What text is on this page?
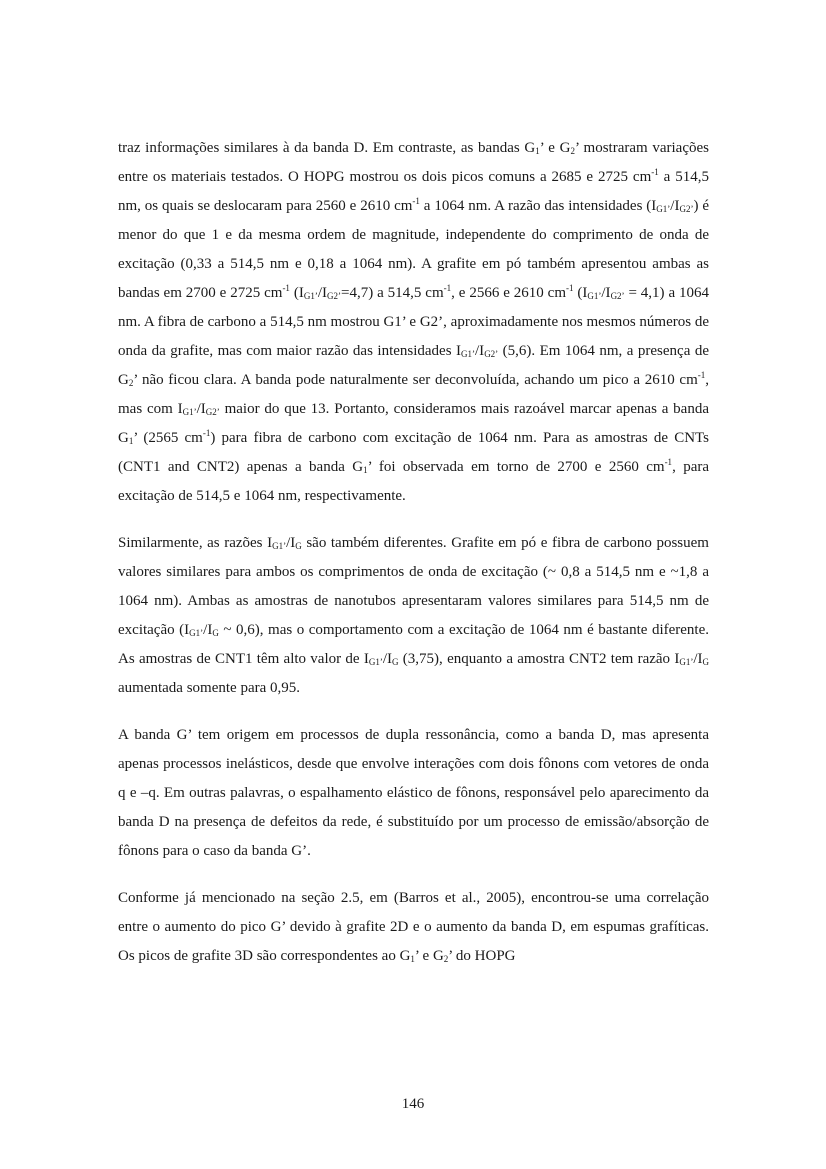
traz informações similares à da banda D. Em contraste, as bandas $G_1$’ e $G_2$’ mostraram variações entre os materiais testados. O HOPG mostrou os dois picos comuns a 2685 e 2725 $cm^{-1}$ a 514,5 nm, os quais se deslocaram para 2560 e 2610 $cm^{-1}$ a 1064 nm. A razão das intensidades $(I_{G1’}/I_{G2’})$ é menor do que 1 e da mesma ordem de magnitude, independente do comprimento de onda de excitação (0,33 a 514,5 nm e 0,18 a 1064 nm). A grafite em pó também apresentou ambas as bandas em 2700 e 2725 $cm^{-1}$ $(I_{G1’}/I_{G2’}=4,7)$ a 514,5 $cm^{-1}$, e 2566 e 2610 $cm^{-1}$ $(I_{G1’}/I_{G2’} = 4,1)$ a 1064 nm. A fibra de carbono a 514,5 nm mostrou G1’ e G2’, aproximadamente nos mesmos números de onda da grafite, mas com maior razão das intensidades $I_{G1’}/I_{G2’}$ (5,6). Em 1064 nm, a presença de $G_2$’ não ficou clara. A banda pode naturalmente ser deconvoluída, achando um pico a 2610 $cm^{-1}$, mas com $I_{G1’}/I_{G2’}$ maior do que 13. Portanto, consideramos mais razoável marcar apenas a banda $G_1$’ (2565 $cm^{-1}$) para fibra de carbono com excitação de 1064 nm. Para as amostras de CNTs (CNT1 and CNT2) apenas a banda $G_1$’ foi observada em torno de 2700 e 2560 $cm^{-1}$, para excitação de 514,5 e 1064 nm, respectivamente.

Similarmente, as razões $I_{G1’}/I_G$ são também diferentes. Grafite em pó e fibra de carbono possuem valores similares para ambos os comprimentos de onda de excitação (~ 0,8 a 514,5 nm e ~1,8 a 1064 nm). Ambas as amostras de nanotubos apresentaram valores similares para 514,5 nm de excitação ($I_{G1’}/I_G$ ~ 0,6), mas o comportamento com a excitação de 1064 nm é bastante diferente. As amostras de CNT1 têm alto valor de $I_{G1’}/I_G$ (3,75), enquanto a amostra CNT2 tem razão $I_{G1’}/I_G$ aumentada somente para 0,95.

A banda G’ tem origem em processos de dupla ressonância, como a banda D, mas apresenta apenas processos inelásticos, desde que envolve interações com dois fônons com vetores de onda q e –q. Em outras palavras, o espalhamento elástico de fônons, responsável pelo aparecimento da banda D na presença de defeitos da rede, é substituído por um processo de emissão/absorção de fônons para o caso da banda G’.

Conforme já mencionado na seção 2.5, em (Barros et al., 2005), encontrou-se uma correlação entre o aumento do pico G’ devido à grafite 2D e o aumento da banda D, em espumas grafíticas. Os picos de grafite 3D são correspondentes ao $G_1$’ e $G_2$’ do HOPG

146
